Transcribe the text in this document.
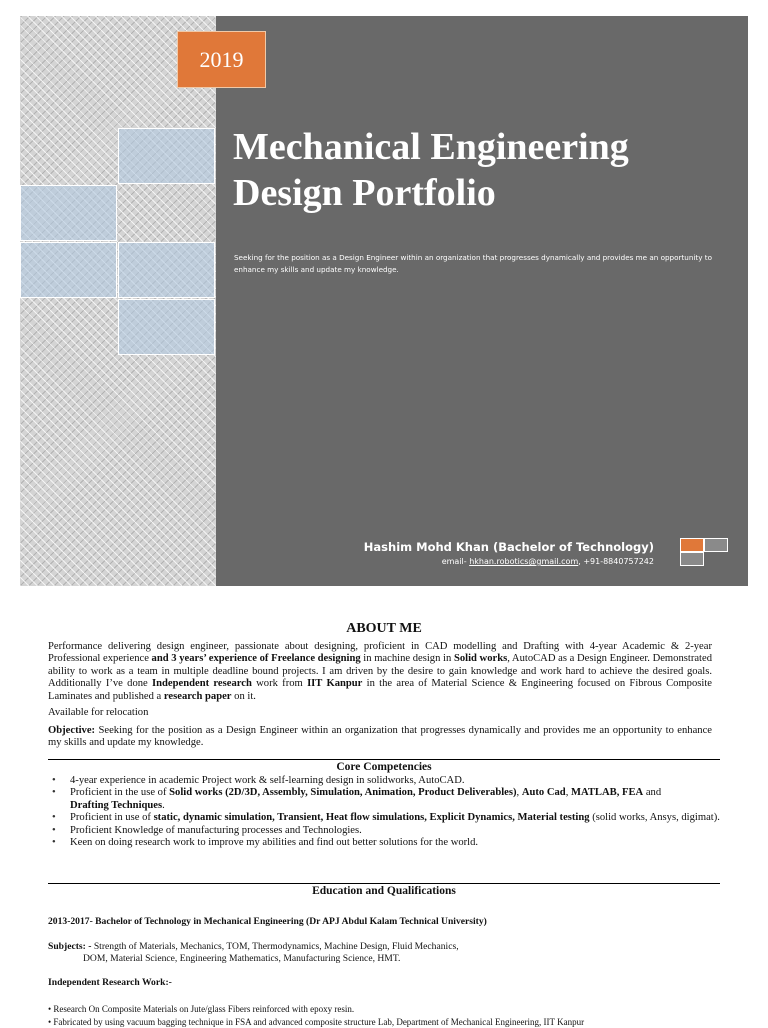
2019
Mechanical Engineering
Design Portfolio
Seeking for the position as a Design Engineer within an organization that progresses dynamically and provides me an opportunity to enhance my skills and update my knowledge.
Hashim Mohd Khan (Bachelor of Technology)
email- hkhan.robotics@gmail.com, +91-8840757242
ABOUT ME
Performance delivering design engineer, passionate about designing, proficient in CAD modelling and Drafting with 4-year Academic & 2-year Professional experience and 3 years’ experience of Freelance designing in machine design in Solid works, AutoCAD as a Design Engineer. Demonstrated ability to work as a team in multiple deadline bound projects. I am driven by the desire to gain knowledge and work hard to achieve the desired goals. Additionally I’ve done Independent research work from IIT Kanpur in the area of Material Science & Engineering focused on Fibrous Composite Laminates and published a research paper on it.
Available for relocation
Objective: Seeking for the position as a Design Engineer within an organization that progresses dynamically and provides me an opportunity to enhance my skills and update my knowledge.
Core Competencies
• 4-year experience in academic Project work & self-learning design in solidworks, AutoCAD.
• Proficient in the use of Solid works (2D/3D, Assembly, Simulation, Animation, Product Deliverables), Auto Cad, MATLAB, FEA and
Drafting Techniques.
• Proficient in use of static, dynamic simulation, Transient, Heat flow simulations, Explicit Dynamics, Material testing (solid works, Ansys, digimat).
• Proficient Knowledge of manufacturing processes and Technologies.
• Keen on doing research work to improve my abilities and find out better solutions for the world.
Education and Qualifications
2013-2017- Bachelor of Technology in Mechanical Engineering (Dr APJ Abdul Kalam Technical University)
Subjects: - Strength of Materials, Mechanics, TOM, Thermodynamics, Machine Design, Fluid Mechanics,
DOM, Material Science, Engineering Mathematics, Manufacturing Science, HMT.
Independent Research Work:-
• Research On Composite Materials on Jute/glass Fibers reinforced with epoxy resin.
• Fabricated by using vacuum bagging technique in FSA and advanced composite structure Lab, Department of Mechanical Engineering, IIT Kanpur
